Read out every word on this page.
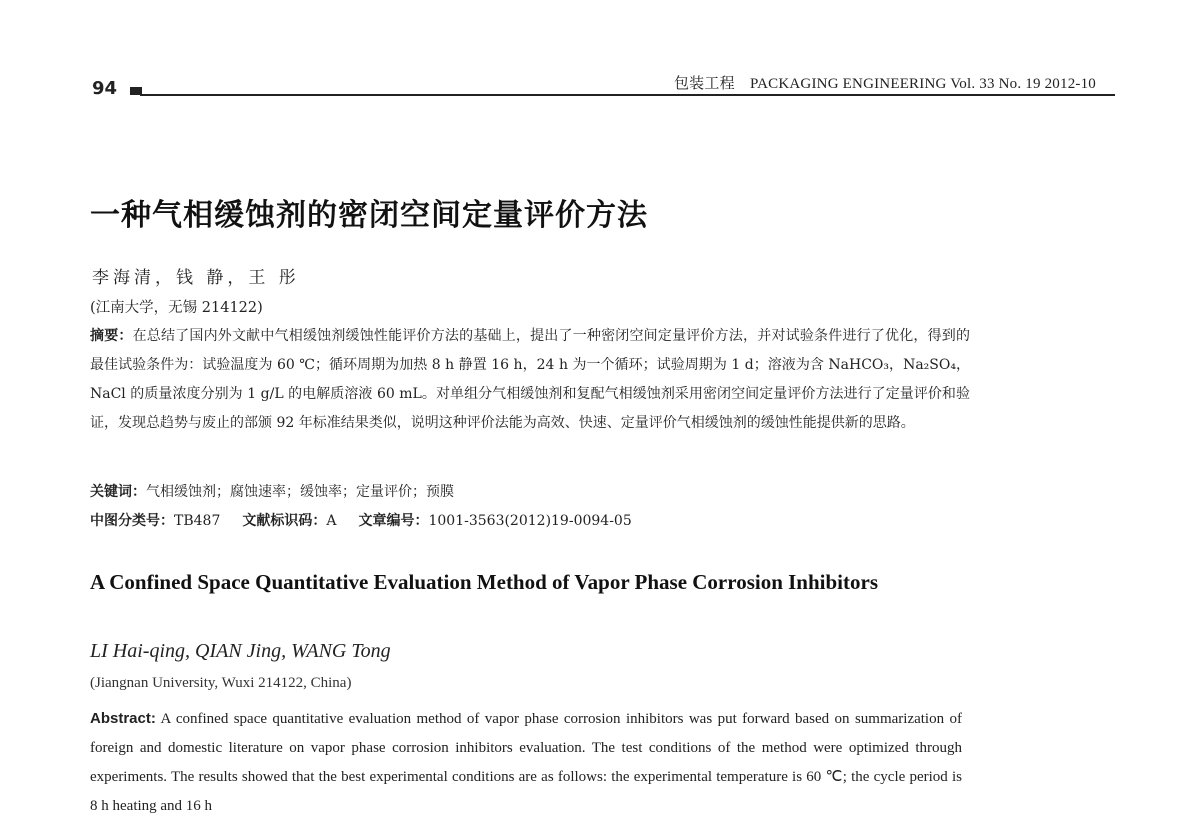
94	包装工程　PACKAGING ENGINEERING Vol. 33 No. 19 2012-10
一种气相缓蚀剂的密闭空间定量评价方法
李海清，钱 静，王 彤
(江南大学，无锡 214122)
摘要：在总结了国内外文献中气相缓蚀剂缓蚀性能评价方法的基础上，提出了一种密闭空间定量评价方法，并对试验条件进行了优化，得到的最佳试验条件为：试验温度为 60 ℃；循环周期为加热 8 h 静置 16 h，24 h 为一个循环；试验周期为 1 d；溶液为含 NaHCO₃，Na₂SO₄，NaCl 的质量浓度分别为 1 g/L 的电解质溶液 60 mL。对单组分气相缓蚀剂和复配气相缓蚀剂采用密闭空间定量评价方法进行了定量评价和验证，发现总趋势与废止的部颁 92 年标准结果类似，说明这种评价法能为高效、快速、定量评价气相缓蚀剂的缓蚀性能提供新的思路。
关键词：气相缓蚀剂；腐蚀速率；缓蚀率；定量评价；预膜
中图分类号：TB487 文献标识码：A 文章编号：1001-3563(2012)19-0094-05
A Confined Space Quantitative Evaluation Method of Vapor Phase Corrosion Inhibitors
LI Hai-qing, QIAN Jing, WANG Tong
(Jiangnan University, Wuxi 214122, China)
Abstract: A confined space quantitative evaluation method of vapor phase corrosion inhibitors was put forward based on summarization of foreign and domestic literature on vapor phase corrosion inhibitors evaluation. The test conditions of the method were optimized through experiments. The results showed that the best experimental conditions are as follows: the experimental temperature is 60 ℃; the cycle period is 8 h heating and 16 h
